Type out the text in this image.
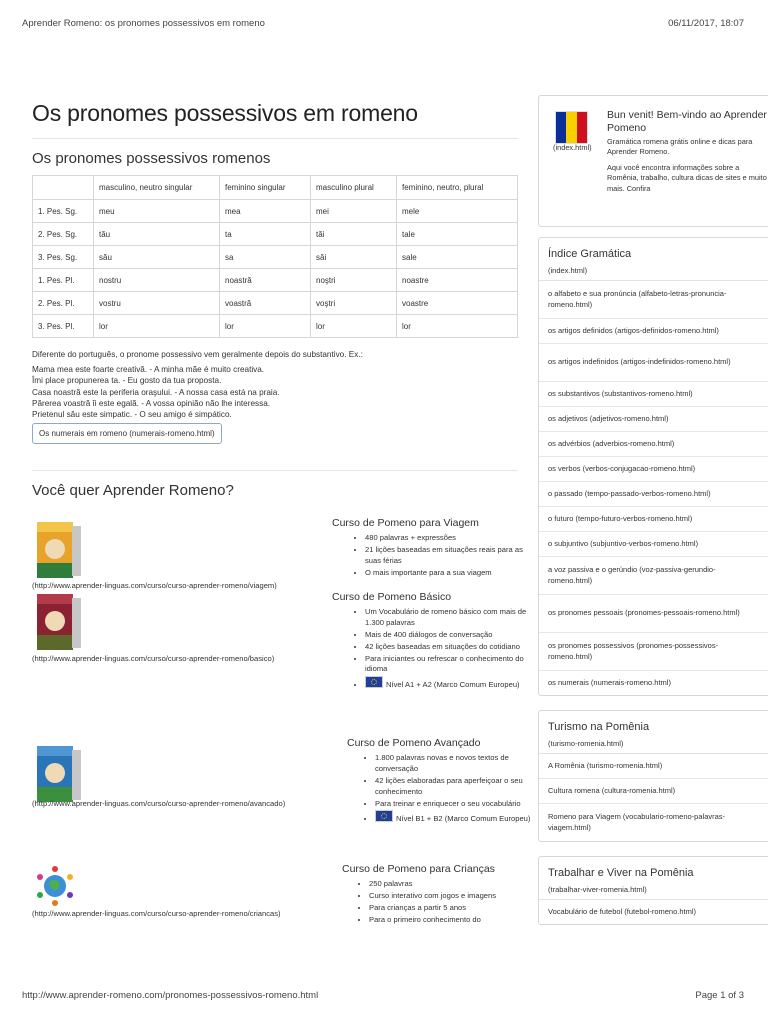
Aprender Romeno: os pronomes possessivos em romeno	06/11/2017, 18:07
Os pronomes possessivos em romeno
Os pronomes possessivos romenos
	masculino, neutro singular	feminino singular	masculino plural	feminino, neutro, plural
1. Pes. Sg.	meu	mea	mei	mele
2. Pes. Sg.	tău	ta	tăi	tale
3. Pes. Sg.	său	sa	săi	sale
1. Pes. Pl.	nostru	noastră	noştri	noastre
2. Pes. Pl.	vostru	voastră	voştri	voastre
3. Pes. Pl.	lor	lor	lor	lor
Diferente do português, o pronome possessivo vem geralmente depois do substantivo. Ex.:
Mama mea este foarte creativă. - A minha mãe é muito creativa.
Îmi place propunerea ta. - Eu gosto da tua proposta.
Casa noastră este la periferia oraşului. - A nossa casa está na praia.
Părerea voastră îi este egală. - A vossa opinião não lhe interessa.
Prietenul său este simpatic. - O seu amigo é simpático.
Os numerais em romeno (numerais-romeno.html)
Você quer Aprender Romeno?
(http://www.aprender-linguas.com/curso/curso-aprender-romeno/viagem)
Curso de Pomeno para Viagem
• 480 palavras + expressões
• 21 lições baseadas em situações reais para as suas férias
• O mais importante para a sua viagem
(http://www.aprender-linguas.com/curso/curso-aprender-romeno/basico)
Curso de Pomeno Básico
• Um Vocabulário de romeno básico com mais de 1.300 palavras
• Mais de 400 diálogos de conversação
• 42 lições baseadas em situações do cotidiano
• Para iniciantes ou refrescar o conhecimento do idioma
• Nível A1 + A2 (Marco Comum Europeu)
(http://www.aprender-linguas.com/curso/curso-aprender-romeno/avancado)
Curso de Pomeno Avançado
• 1.800 palavras novas e novos textos de conversação
• 42 lições elaboradas para aperfeiçoar o seu conhecimento
• Para treinar e enriquecer o seu vocabulário
• Nível B1 + B2 (Marco Comum Europeu)
(http://www.aprender-linguas.com/curso/curso-aprender-romeno/criancas)
Curso de Pomeno para Crianças
• 250 palavras
• Curso interativo com jogos e imagens
• Para crianças a partir 5 anos
• Para o primeiro conhecimento do
(index.html)
Bun venit! Bem-vindo ao Aprender Pomeno

Gramática romena grátis online e dicas para Aprender Romeno.

Aqui você encontra informações sobre a Romênia, trabalho, cultura dicas de sites e muito mais. Confira

Índice Gramática
(index.html)
o alfabeto e sua pronúncia (alfabeto-letras-pronuncia-romeno.html)
os artigos definidos (artigos-definidos-romeno.html)
os artigos indefinidos (artigos-indefinidos-romeno.html)
os substantivos (substantivos-romeno.html)
os adjetivos (adjetivos-romeno.html)
os advérbios (adverbios-romeno.html)
os verbos (verbos-conjugacao-romeno.html)
o passado (tempo-passado-verbos-romeno.html)
o futuro (tempo-futuro-verbos-romeno.html)
o subjuntivo (subjuntivo-verbos-romeno.html)
a voz passiva e o gerúndio (voz-passiva-gerundio-romeno.html)
os pronomes pessoais (pronomes-pessoais-romeno.html)
os pronomes possessivos (pronomes-possessivos-romeno.html)
os numerais (numerais-romeno.html)
Turismo na Pomênia
(turismo-romenia.html)
A Romênia (turismo-romenia.html)
Cultura romena (cultura-romenia.html)
Romeno para Viagem (vocabulario-romeno-palavras-viagem.html)
Trabalhar e Viver na Pomênia
(trabalhar-viver-romenia.html)
Vocabulário de futebol (futebol-romeno.html)
http://www.aprender-romeno.com/pronomes-possessivos-romeno.html	Page 1 of 3
